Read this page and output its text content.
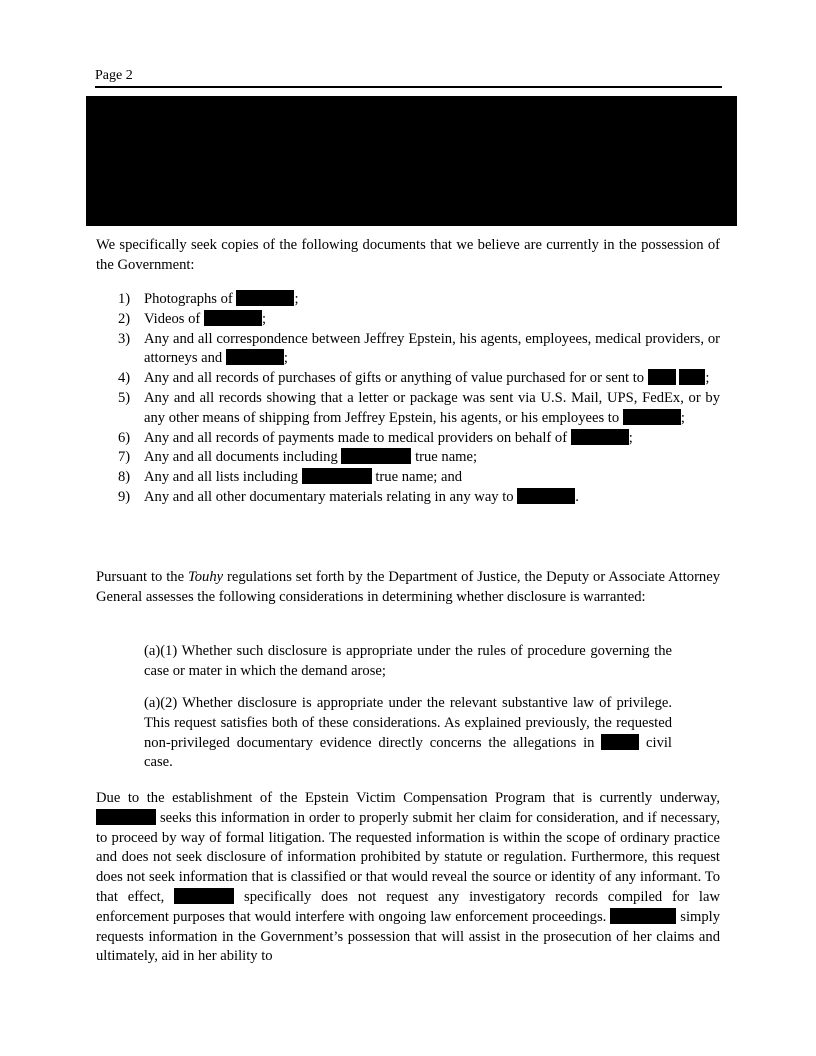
Page 2
We specifically seek copies of the following documents that we believe are currently in the possession of the Government:
1) Photographs of	;
2) Videos of	;
3) Any and all correspondence between Jeffrey Epstein, his agents, employees, medical providers, or attorneys and	;
4) Any and all records of purchases of gifts or anything of value purchased for or sent to	;
5) Any and all records showing that a letter or package was sent via U.S. Mail, UPS, FedEx, or by any other means of shipping from Jeffrey Epstein, his agents, or his employees to	;
6) Any and all records of payments made to medical providers on behalf of	;
7) Any and all documents including	true name;
8) Any and all lists including	true name; and
9) Any and all other documentary materials relating in any way to	.
Pursuant to the Touhy regulations set forth by the Department of Justice, the Deputy or Associate Attorney General assesses the following considerations in determining whether disclosure is warranted:
(a)(1) Whether such disclosure is appropriate under the rules of procedure governing the case or mater in which the demand arose;
(a)(2) Whether disclosure is appropriate under the relevant substantive law of privilege. This request satisfies both of these considerations. As explained previously, the requested non-privileged documentary evidence directly concerns the allegations in	civil case.
Due to the establishment of the Epstein Victim Compensation Program that is currently underway,  seeks this information in order to properly submit her claim for consideration, and if necessary, to proceed by way of formal litigation. The requested information is within the scope of ordinary practice and does not seek disclosure of information prohibited by statute or regulation. Furthermore, this request does not seek information that is classified or that would reveal the source or identity of any informant. To that effect,	specifically does not request any investigatory records compiled for law enforcement purposes that would interfere with ongoing law enforcement proceedings.	simply requests information in the Government’s possession that will assist in the prosecution of her claims and ultimately, aid in her ability to
